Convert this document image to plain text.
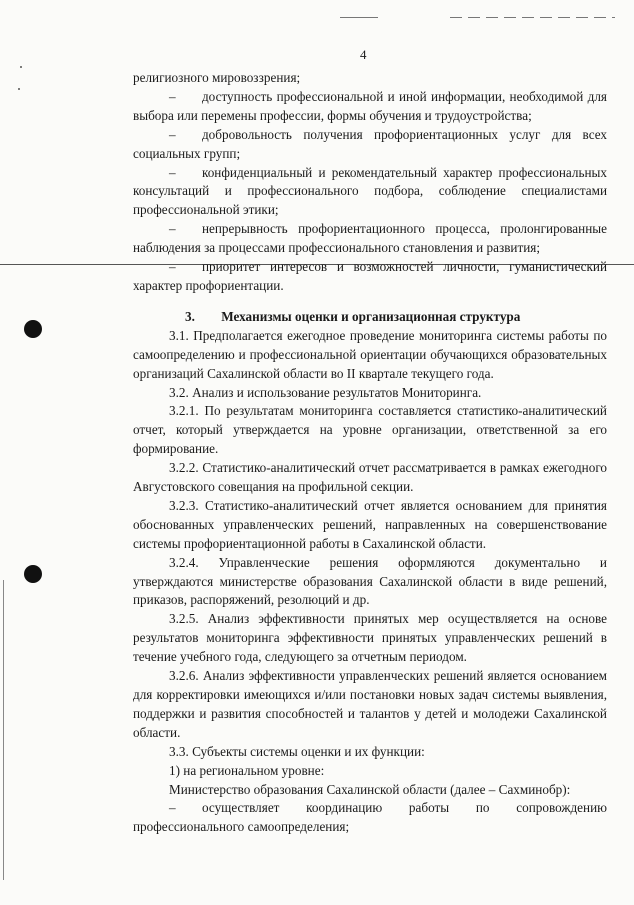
4

религиозного мировоззрения;

–  доступность профессиональной и иной информации, необходимой для выбора или перемены профессии, формы обучения и трудоустройства;

–  добровольность получения профориентационных услуг для всех социальных групп;

–  конфиденциальный и рекомендательный характер профессиональных консультаций и профессионального подбора, соблюдение специалистами профессиональной этики;

–  непрерывность профориентационного процесса, пролонгированные наблюдения за процессами профессионального становления и развития;

–  приоритет интересов и возможностей личности, гуманистический характер профориентации.

3.  Механизмы оценки и организационная структура

3.1. Предполагается ежегодное проведение мониторинга системы работы по самоопределению и профессиональной ориентации обучающихся образовательных организаций Сахалинской области во II квартале текущего года.

3.2. Анализ и использование результатов Мониторинга.

3.2.1. По результатам мониторинга составляется статистико-аналитический отчет, который утверждается на уровне организации, ответственной за его формирование.

3.2.2. Статистико-аналитический отчет рассматривается в рамках ежегодного Августовского совещания на профильной секции.

3.2.3. Статистико-аналитический отчет является основанием для принятия обоснованных управленческих решений, направленных на совершенствование системы профориентационной работы в Сахалинской области.

3.2.4. Управленческие решения оформляются документально и утверждаются министерстве образования Сахалинской области в виде решений, приказов, распоряжений, резолюций и др.

3.2.5. Анализ эффективности принятых мер осуществляется на основе результатов мониторинга эффективности принятых управленческих решений в течение учебного года, следующего за отчетным периодом.

3.2.6. Анализ эффективности управленческих решений является основанием для корректировки имеющихся и/или постановки новых задач системы выявления, поддержки и развития способностей и талантов у детей и молодежи Сахалинской области.

3.3. Субъекты системы оценки и их функции:

1) на региональном уровне:

Министерство образования Сахалинской области (далее – Сахминобр):

–  осуществляет координацию работы по сопровождению профессионального самоопределения;
